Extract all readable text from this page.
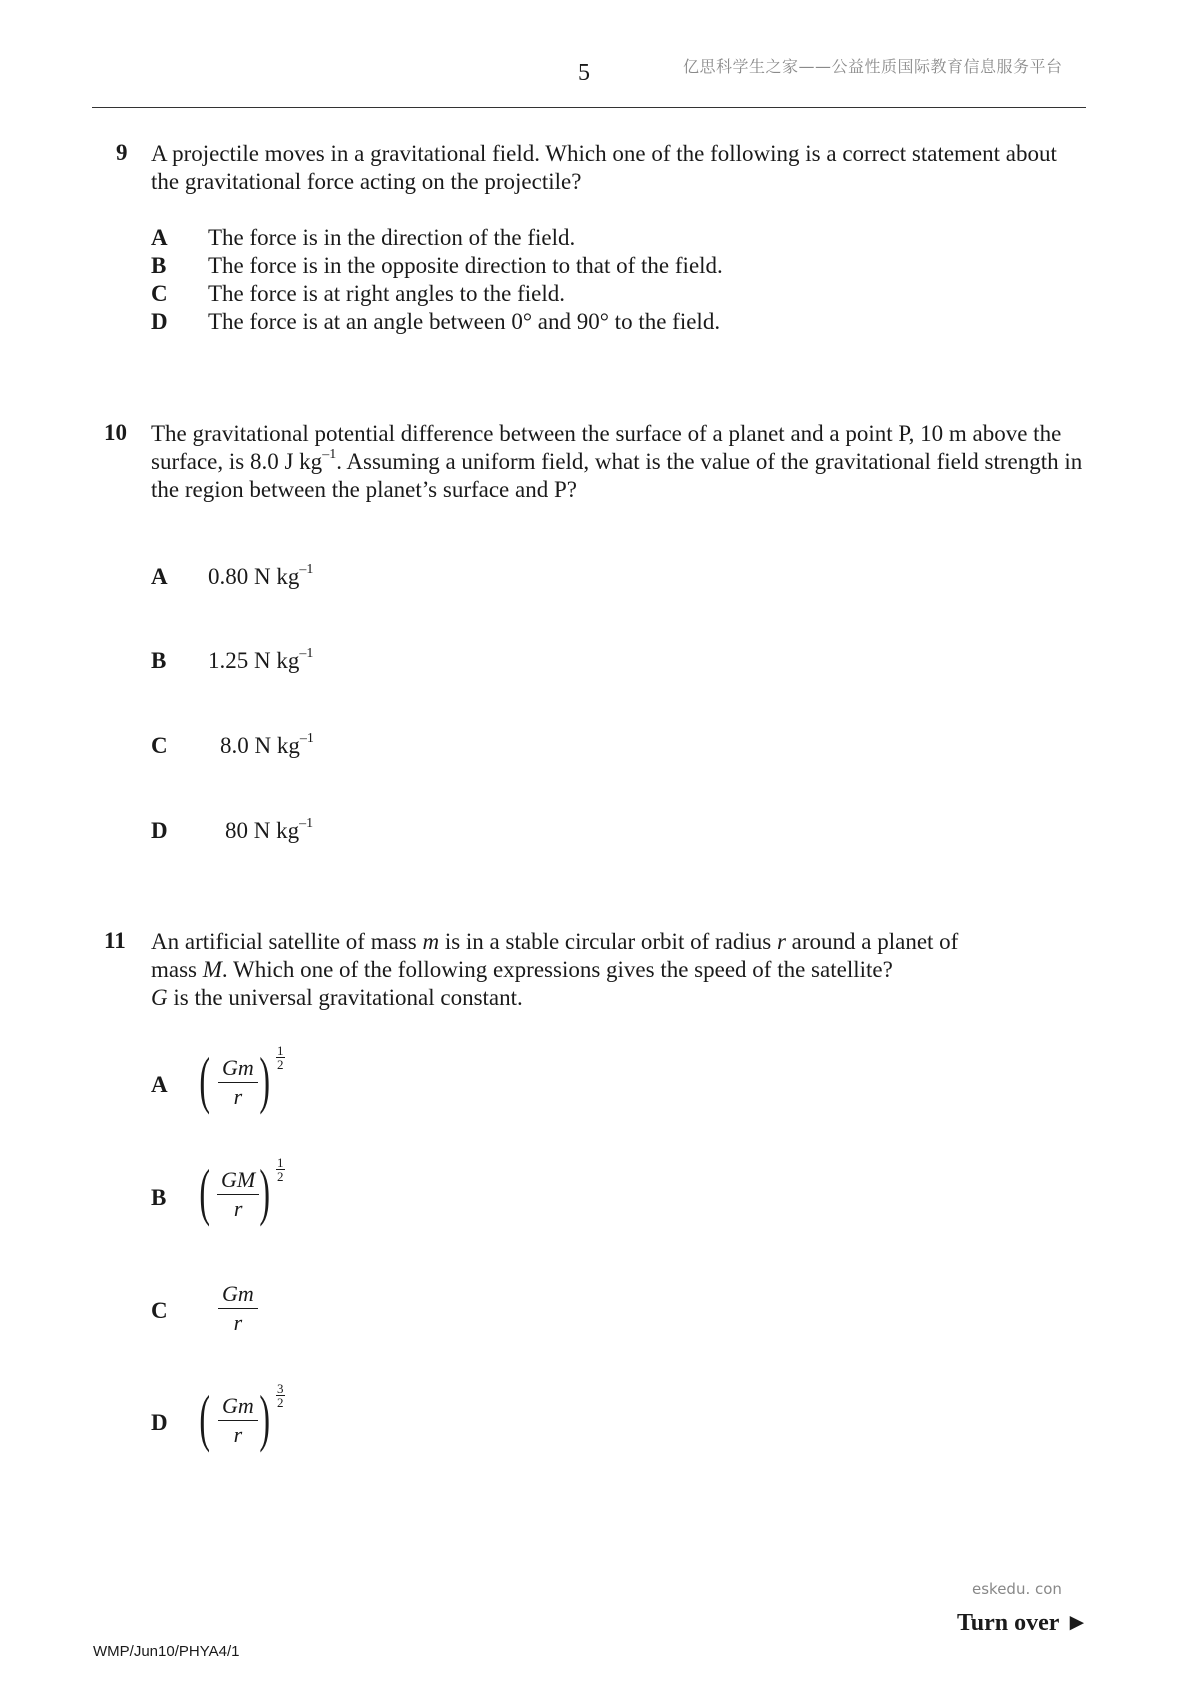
5	亿思科学生之家——公益性质国际教育信息服务平台
9 A projectile moves in a gravitational field. Which one of the following is a correct statement about the gravitational force acting on the projectile?
A The force is in the direction of the field.
B The force is in the opposite direction to that of the field.
C The force is at right angles to the field.
D The force is at an angle between 0° and 90° to the field.
10 The gravitational potential difference between the surface of a planet and a point P, 10 m above the surface, is 8.0 J $kg^{-1}$. Assuming a uniform field, what is the value of the gravitational field strength in the region between the planet’s surface and P?
A 0.80 N $kg^{-1}$
B 1.25 N $kg^{-1}$
C 8.0 N $kg^{-1}$
D 80 N $kg^{-1}$
11 An artificial satellite of mass m is in a stable circular orbit of radius r around a planet of
mass M. Which one of the following expressions gives the speed of the satellite?
G is the universal gravitational constant.
A ( $\frac{Gm}{r}$ ) $\frac{1}{2}$
B ( $\frac{GM}{r}$ ) $\frac{1}{2}$
C $\frac{Gm}{r}$
D ( $\frac{Gm}{r}$ ) $\frac{3}{2}$
eskedu. con
Turn over ►
WMP/Jun10/PHYA4/1
